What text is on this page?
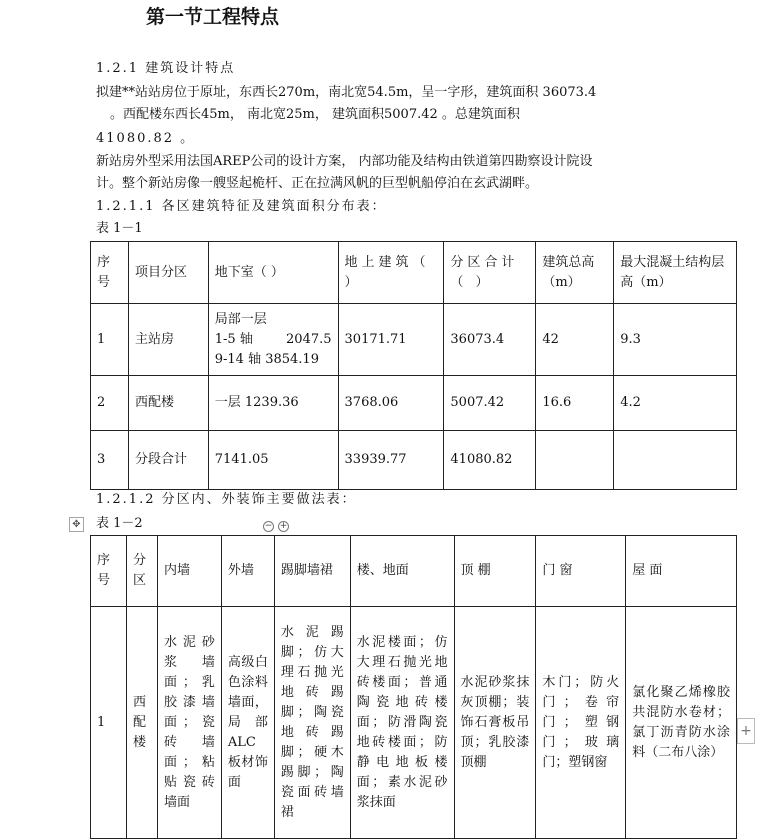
第一节工程特点
1.2.1 建筑设计特点
拟建**站站房位于原址，东西长270m，南北宽54.5m，呈一字形，建筑面积 36073.4
。西配楼东西长45m， 南北宽25m， 建筑面积5007.42 。总建筑面积
41080.82 。
新站房外型采用法国AREP公司的设计方案， 内部功能及结构由铁道第四勘察设计院设
计。整个新站房像一艘竖起桅杆、正在拉满风帆的巨型帆船停泊在玄武湖畔。
1.2.1.1 各区建筑特征及建筑面积分布表：
表 1－1
序号	项目分区	地下室（ ）	地上建筑（ ）	分区合计（ ）	建筑总高（m）	最大混凝土结构层高（m）
1	主站房	局部一层
1-5 轴 2047.5
9-14 轴 3854.19	30171.71	36073.4	42	9.3
2	西配楼	一层 1239.36	3768.06	5007.42	16.6	4.2
3	分段合计	7141.05	33939.77	41080.82		
1.2.1.2 分区内、外装饰主要做法表：
✥ 表 1－2	− +
序号	分区	内墙	外墙	踢脚墙裙	楼、地面	顶 棚	门 窗	屋 面
1	西配楼	水泥砂浆墙面；乳胶漆墙面；瓷砖墙面；粘贴瓷砖墙面	高级白色涂料墙面，局部ALC板材饰面	水泥踢脚；仿大理石抛光地砖踢脚；陶瓷地砖踢脚；硬木踢脚；陶瓷面砖墙裙	水泥楼面；仿大理石抛光地砖楼面；普通陶瓷地砖楼面；防滑陶瓷地砖楼面；防静电地板楼面；素水泥砂浆抹面	水泥砂浆抹灰顶棚；装饰石膏板吊顶；乳胶漆顶棚	木门；防火门；卷帘门；塑钢门；玻璃门；塑钢窗	氯化聚乙烯橡胶共混防水卷材；氯丁沥青防水涂料（二布八涂）
+
